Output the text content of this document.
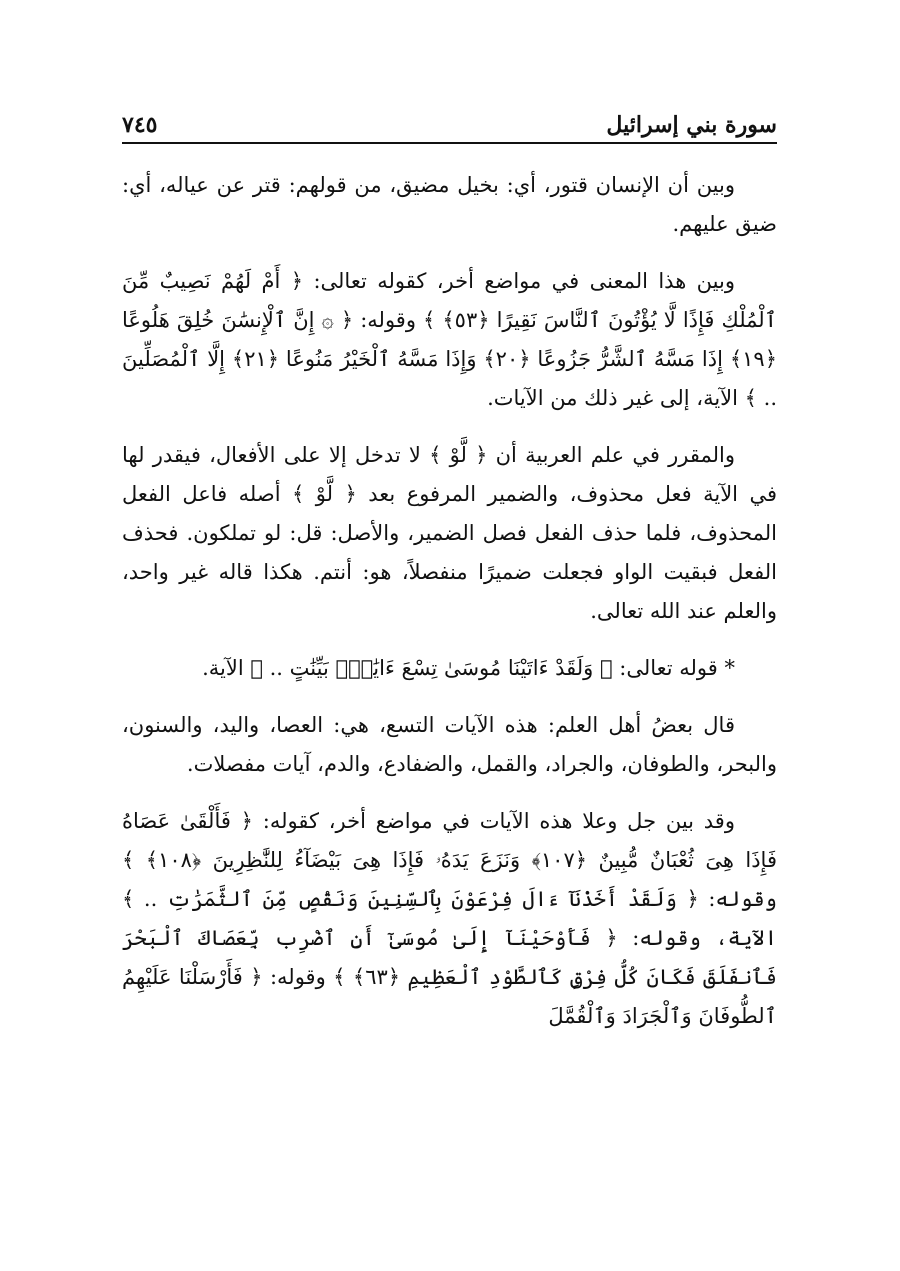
سورة بني إسرائيل
٧٤٥

وبين أن الإنسان قتور، أي: بخيل مضيق، من قولهم: قتر عن عياله، أي: ضيق عليهم.

وبين هذا المعنى في مواضع أخر، كقوله تعالى: ﴿ أَمْ لَهُمْ نَصِيبٌ مِّنَ ٱلْمُلْكِ فَإِذًا لَّا يُؤْتُونَ ٱلنَّاسَ نَقِيرًا ﴿٥٣﴾ ﴾ وقوله: ﴿ ۞ إِنَّ ٱلْإِنسَٰنَ خُلِقَ هَلُوعًا ﴿١٩﴾ إِذَا مَسَّهُ ٱلشَّرُّ جَزُوعًا ﴿٢٠﴾ وَإِذَا مَسَّهُ ٱلْخَيْرُ مَنُوعًا ﴿٢١﴾ إِلَّا ٱلْمُصَلِّينَ .. ﴾ الآية، إلى غير ذلك من الآيات.

والمقرر في علم العربية أن ﴿ لَّوْ ﴾ لا تدخل إلا على الأفعال، فيقدر لها في الآية فعل محذوف، والضمير المرفوع بعد ﴿ لَّوْ ﴾ أصله فاعل الفعل المحذوف، فلما حذف الفعل فصل الضمير، والأصل: قل: لو تملكون. فحذف الفعل فبقيت الواو فجعلت ضميرًا منفصلاً، هو: أنتم. هكذا قاله غير واحد، والعلم عند الله تعالى.

* قوله تعالى: ﴿ وَلَقَدْ ءَاتَيْنَا مُوسَىٰ تِسْعَ ءَايَٰتٍۭ بَيِّنَٰتٍ .. ﴾ الآية.

قال بعضُ أهل العلم: هذه الآيات التسع، هي: العصا، واليد، والسنون، والبحر، والطوفان، والجراد، والقمل، والضفادع، والدم، آيات مفصلات.

وقد بين جل وعلا هذه الآيات في مواضع أخر، كقوله: ﴿ فَأَلْقَىٰ عَصَاهُ فَإِذَا هِىَ ثُعْبَانٌ مُّبِينٌ ﴿١٠٧﴾ وَنَزَعَ يَدَهُۥ فَإِذَا هِىَ بَيْضَآءُ لِلنَّٰظِرِينَ ﴿١٠٨﴾ ﴾ وقوله: ﴿ وَلَقَدْ أَخَذْنَآ ءَالَ فِرْعَوْنَ بِٱلسِّنِينَ وَنَقْصٍ مِّنَ ٱلثَّمَرَٰتِ .. ﴾ الآية، وقوله: ﴿ فَأَوْحَيْنَآ إِلَىٰ مُوسَىٰٓ أَنِ ٱضْرِب بِّعَصَاكَ ٱلْبَحْرَ فَٱنفَلَقَ فَكَانَ كُلُّ فِرْقٍ كَٱلطَّوْدِ ٱلْعَظِيمِ ﴿٦٣﴾ ﴾ وقوله: ﴿ فَأَرْسَلْنَا عَلَيْهِمُ ٱلطُّوفَانَ وَٱلْجَرَادَ وَٱلْقُمَّلَ
